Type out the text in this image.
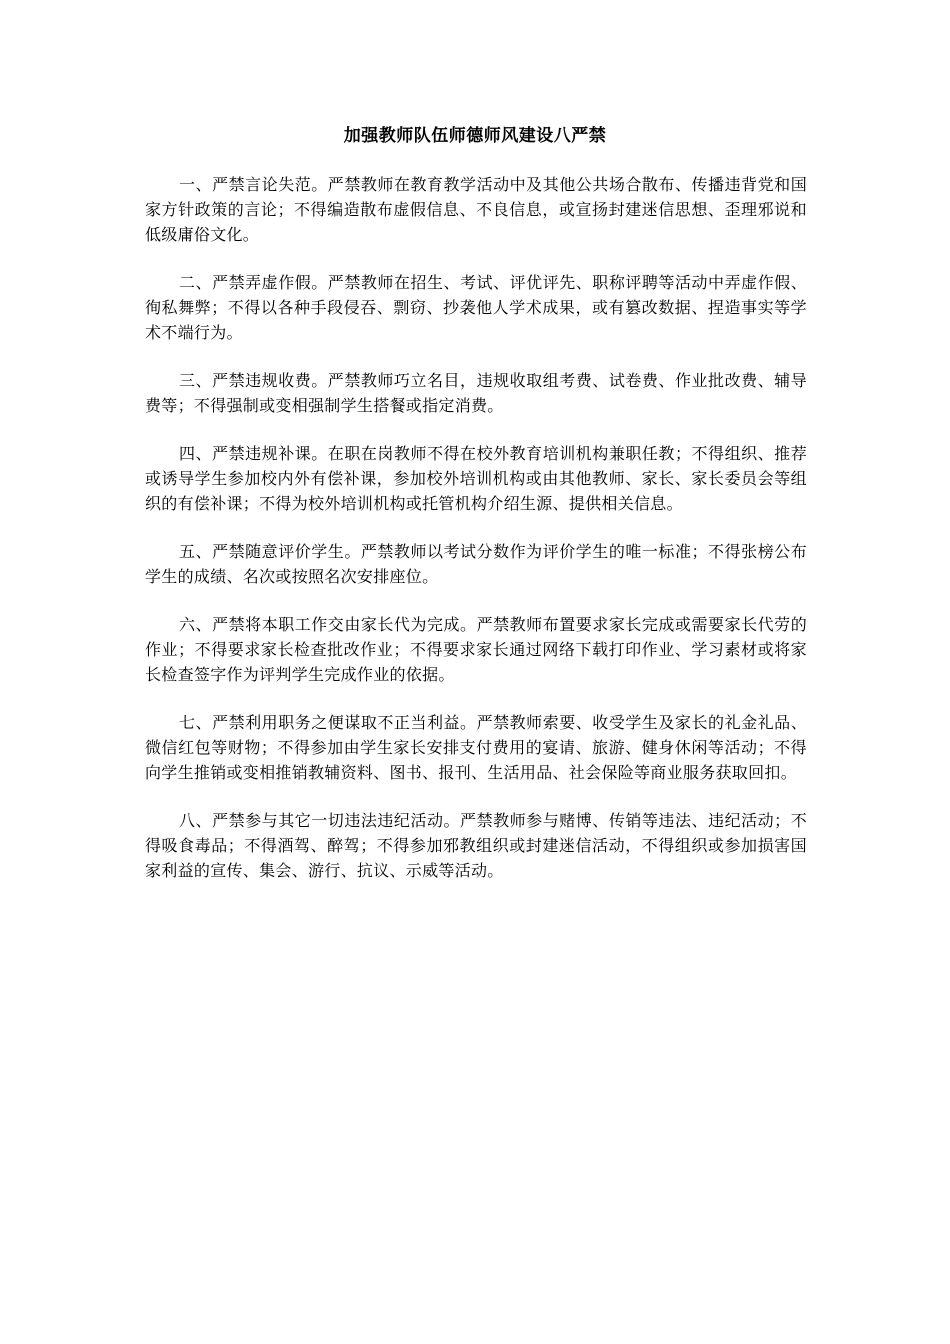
加强教师队伍师德师风建设八严禁

一、严禁言论失范。严禁教师在教育教学活动中及其他公共场合散布、传播违背党和国家方针政策的言论；不得编造散布虚假信息、不良信息，或宣扬封建迷信思想、歪理邪说和低级庸俗文化。

二、严禁弄虚作假。严禁教师在招生、考试、评优评先、职称评聘等活动中弄虚作假、徇私舞弊；不得以各种手段侵吞、剽窃、抄袭他人学术成果，或有篡改数据、捏造事实等学术不端行为。

三、严禁违规收费。严禁教师巧立名目，违规收取组考费、试卷费、作业批改费、辅导费等；不得强制或变相强制学生搭餐或指定消费。

四、严禁违规补课。在职在岗教师不得在校外教育培训机构兼职任教；不得组织、推荐或诱导学生参加校内外有偿补课，参加校外培训机构或由其他教师、家长、家长委员会等组织的有偿补课；不得为校外培训机构或托管机构介绍生源、提供相关信息。

五、严禁随意评价学生。严禁教师以考试分数作为评价学生的唯一标准；不得张榜公布学生的成绩、名次或按照名次安排座位。

六、严禁将本职工作交由家长代为完成。严禁教师布置要求家长完成或需要家长代劳的作业；不得要求家长检查批改作业；不得要求家长通过网络下载打印作业、学习素材或将家长检查签字作为评判学生完成作业的依据。

七、严禁利用职务之便谋取不正当利益。严禁教师索要、收受学生及家长的礼金礼品、微信红包等财物；不得参加由学生家长安排支付费用的宴请、旅游、健身休闲等活动；不得向学生推销或变相推销教辅资料、图书、报刊、生活用品、社会保险等商业服务获取回扣。

八、严禁参与其它一切违法违纪活动。严禁教师参与赌博、传销等违法、违纪活动；不得吸食毒品；不得酒驾、醉驾；不得参加邪教组织或封建迷信活动，不得组织或参加损害国家利益的宣传、集会、游行、抗议、示威等活动。
